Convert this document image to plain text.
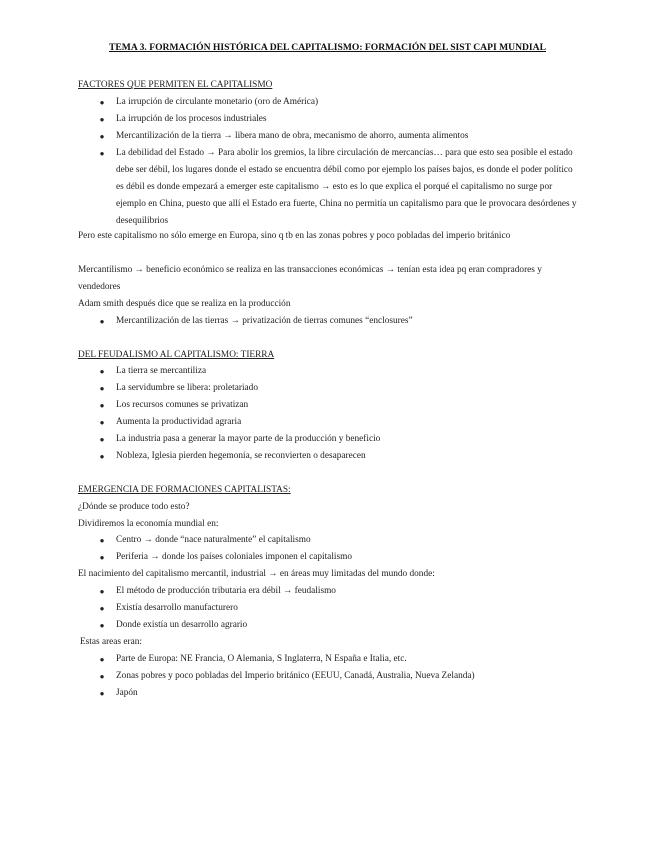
TEMA 3. FORMACIÓN HISTÓRICA DEL CAPITALISMO: FORMACIÓN DEL SIST CAPI MUNDIAL
FACTORES QUE PERMITEN EL CAPITALISMO
● La irrupción de circulante monetario (oro de América)
● La irrupción de los procesos industriales
● Mercantilización de la tierra → libera mano de obra, mecanismo de ahorro, aumenta alimentos
● La debilidad del Estado → Para abolir los gremios, la libre circulación de mercancías… para que esto sea posible el estado debe ser débil, los lugares donde el estado se encuentra débil como por ejemplo los países bajos, es donde el poder político es débil es donde empezará a emerger este capitalismo → esto es lo que explica el porqué el capitalismo no surge por ejemplo en China, puesto que allí el Estado era fuerte, China no permitía un capitalismo para que le provocara desórdenes y desequilibrios
Pero este capitalismo no sólo emerge en Europa, sino q tb en las zonas pobres y poco pobladas del imperio británico
Mercantilismo → beneficio económico se realiza en las transacciones económicas → tenían esta idea pq eran compradores y vendedores
Adam smith después dice que se realiza en la producción
● Mercantilización de las tierras → privatización de tierras comunes “enclosures”
DEL FEUDALISMO AL CAPITALISMO: TIERRA
● La tierra se mercantiliza
● La servidumbre se libera: proletariado
● Los recursos comunes se privatizan
● Aumenta la productividad agraria
● La industria pasa a generar la mayor parte de la producción y beneficio
● Nobleza, Iglesia pierden hegemonía, se reconvierten o desaparecen
EMERGENCIA DE FORMACIONES CAPITALISTAS:
¿Dónde se produce todo esto?
Dividiremos la economía mundial en:
● Centro → donde “nace naturalmente” el capitalismo
● Periferia → donde los países coloniales imponen el capitalismo
El nacimiento del capitalismo mercantil, industrial → en áreas muy limitadas del mundo donde:
● El método de producción tributaria era débil → feudalismo
● Existía desarrollo manufacturero
● Donde existía un desarrollo agrario
Estas areas eran:
● Parte de Europa: NE Francia, O Alemania, S Inglaterra, N España e Italia, etc.
● Zonas pobres y poco pobladas del Imperio británico (EEUU, Canadá, Australia, Nueva Zelanda)
● Japón
